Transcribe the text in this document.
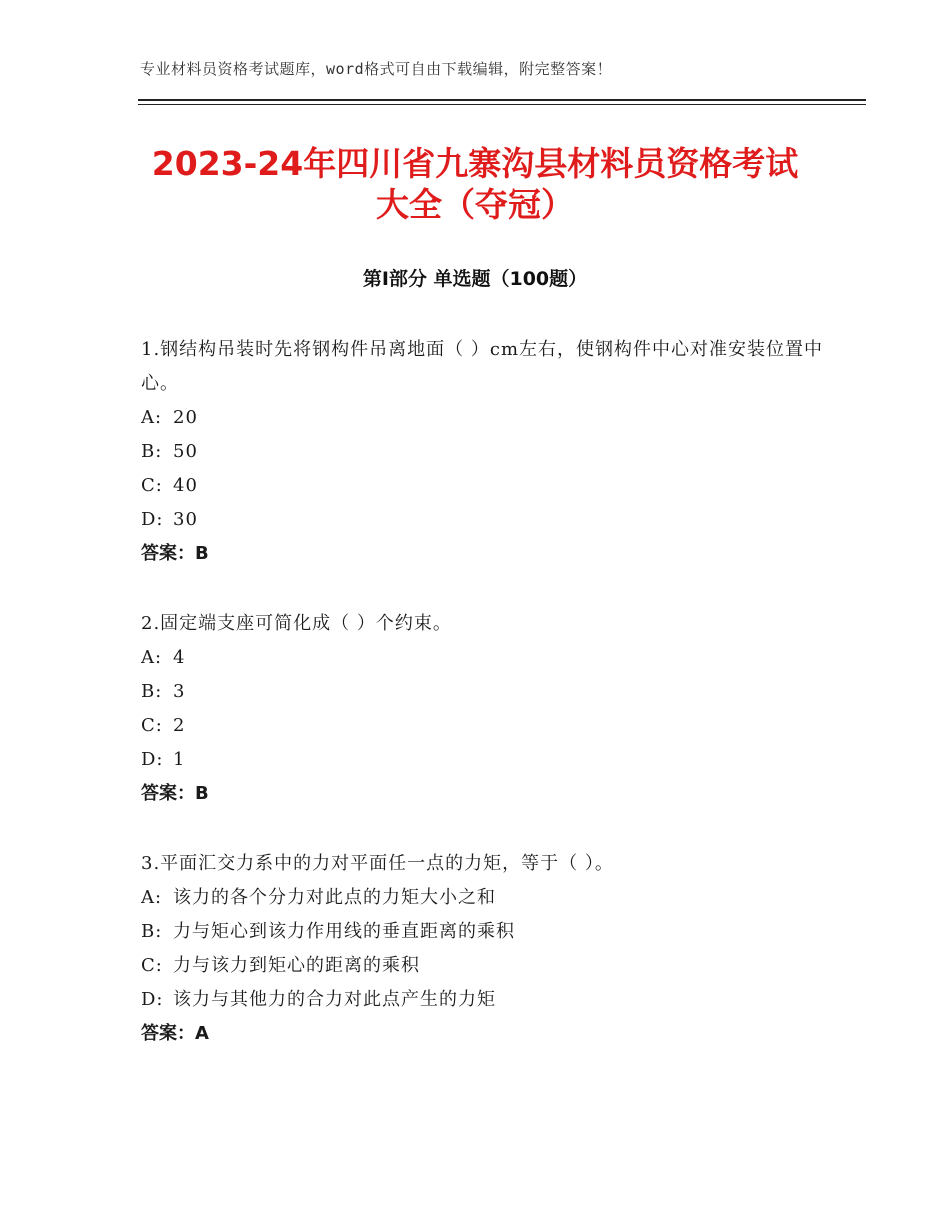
专业材料员资格考试题库，word格式可自由下载编辑，附完整答案！
2023-24年四川省九寨沟县材料员资格考试
大全（夺冠）
第Ⅰ部分 单选题（100题）
1.钢结构吊装时先将钢构件吊离地面（ ）cm左右，使钢构件中心对准安装位置中心。
A: 20
B: 50
C: 40
D: 30
答案：B
2.固定端支座可简化成（ ）个约束。
A: 4
B: 3
C: 2
D: 1
答案：B
3.平面汇交力系中的力对平面任一点的力矩，等于（ ）。
A: 该力的各个分力对此点的力矩大小之和
B: 力与矩心到该力作用线的垂直距离的乘积
C: 力与该力到矩心的距离的乘积
D: 该力与其他力的合力对此点产生的力矩
答案：A
